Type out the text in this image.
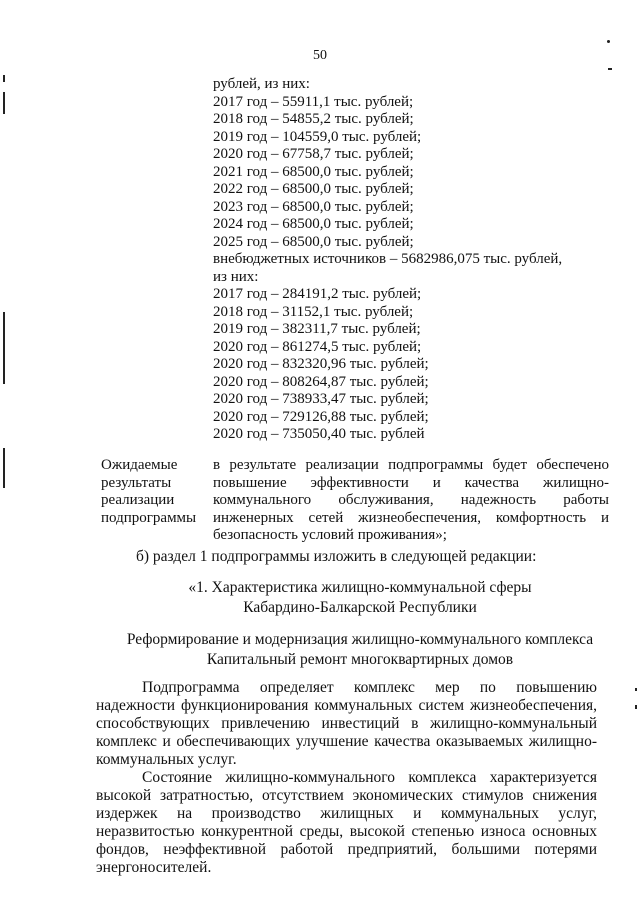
50
рублей, из них:
2017 год – 55911,1 тыс. рублей;
2018 год – 54855,2 тыс. рублей;
2019 год – 104559,0 тыс. рублей;
2020 год – 67758,7 тыс. рублей;
2021 год – 68500,0 тыс. рублей;
2022 год – 68500,0 тыс. рублей;
2023 год – 68500,0 тыс. рублей;
2024 год – 68500,0 тыс. рублей;
2025 год – 68500,0 тыс. рублей;
внебюджетных источников – 5682986,075 тыс. рублей,
из них:
2017 год – 284191,2 тыс. рублей;
2018 год – 31152,1 тыс. рублей;
2019 год – 382311,7 тыс. рублей;
2020 год – 861274,5 тыс. рублей;
2020 год – 832320,96 тыс. рублей;
2020 год – 808264,87 тыс. рублей;
2020 год – 738933,47 тыс. рублей;
2020 год – 729126,88 тыс. рублей;
2020 год – 735050,40 тыс. рублей
Ожидаемые
результаты
реализации
подпрограммы
в результате реализации подпрограммы будет обеспечено повышение эффективности и качества жилищно-коммунального обслуживания, надежность работы инженерных сетей жизнеобеспечения, комфортность и безопасность условий проживания»;
б) раздел 1 подпрограммы изложить в следующей редакции:
«1. Характеристика жилищно-коммунальной сферы
Кабардино-Балкарской Республики
Реформирование и модернизация жилищно-коммунального комплекса
Капитальный ремонт многоквартирных домов

Подпрограмма определяет комплекс мер по повышению надежности функционирования коммунальных систем жизнеобеспечения, способствующих привлечению инвестиций в жилищно-коммунальный комплекс и обеспечивающих улучшение качества оказываемых жилищно-коммунальных услуг.

Состояние жилищно-коммунального комплекса характеризуется высокой затратностью, отсутствием экономических стимулов снижения издержек на производство жилищных и коммунальных услуг, неразвитостью конкурентной среды, высокой степенью износа основных фондов, неэффективной работой предприятий, большими потерями энергоносителей.
